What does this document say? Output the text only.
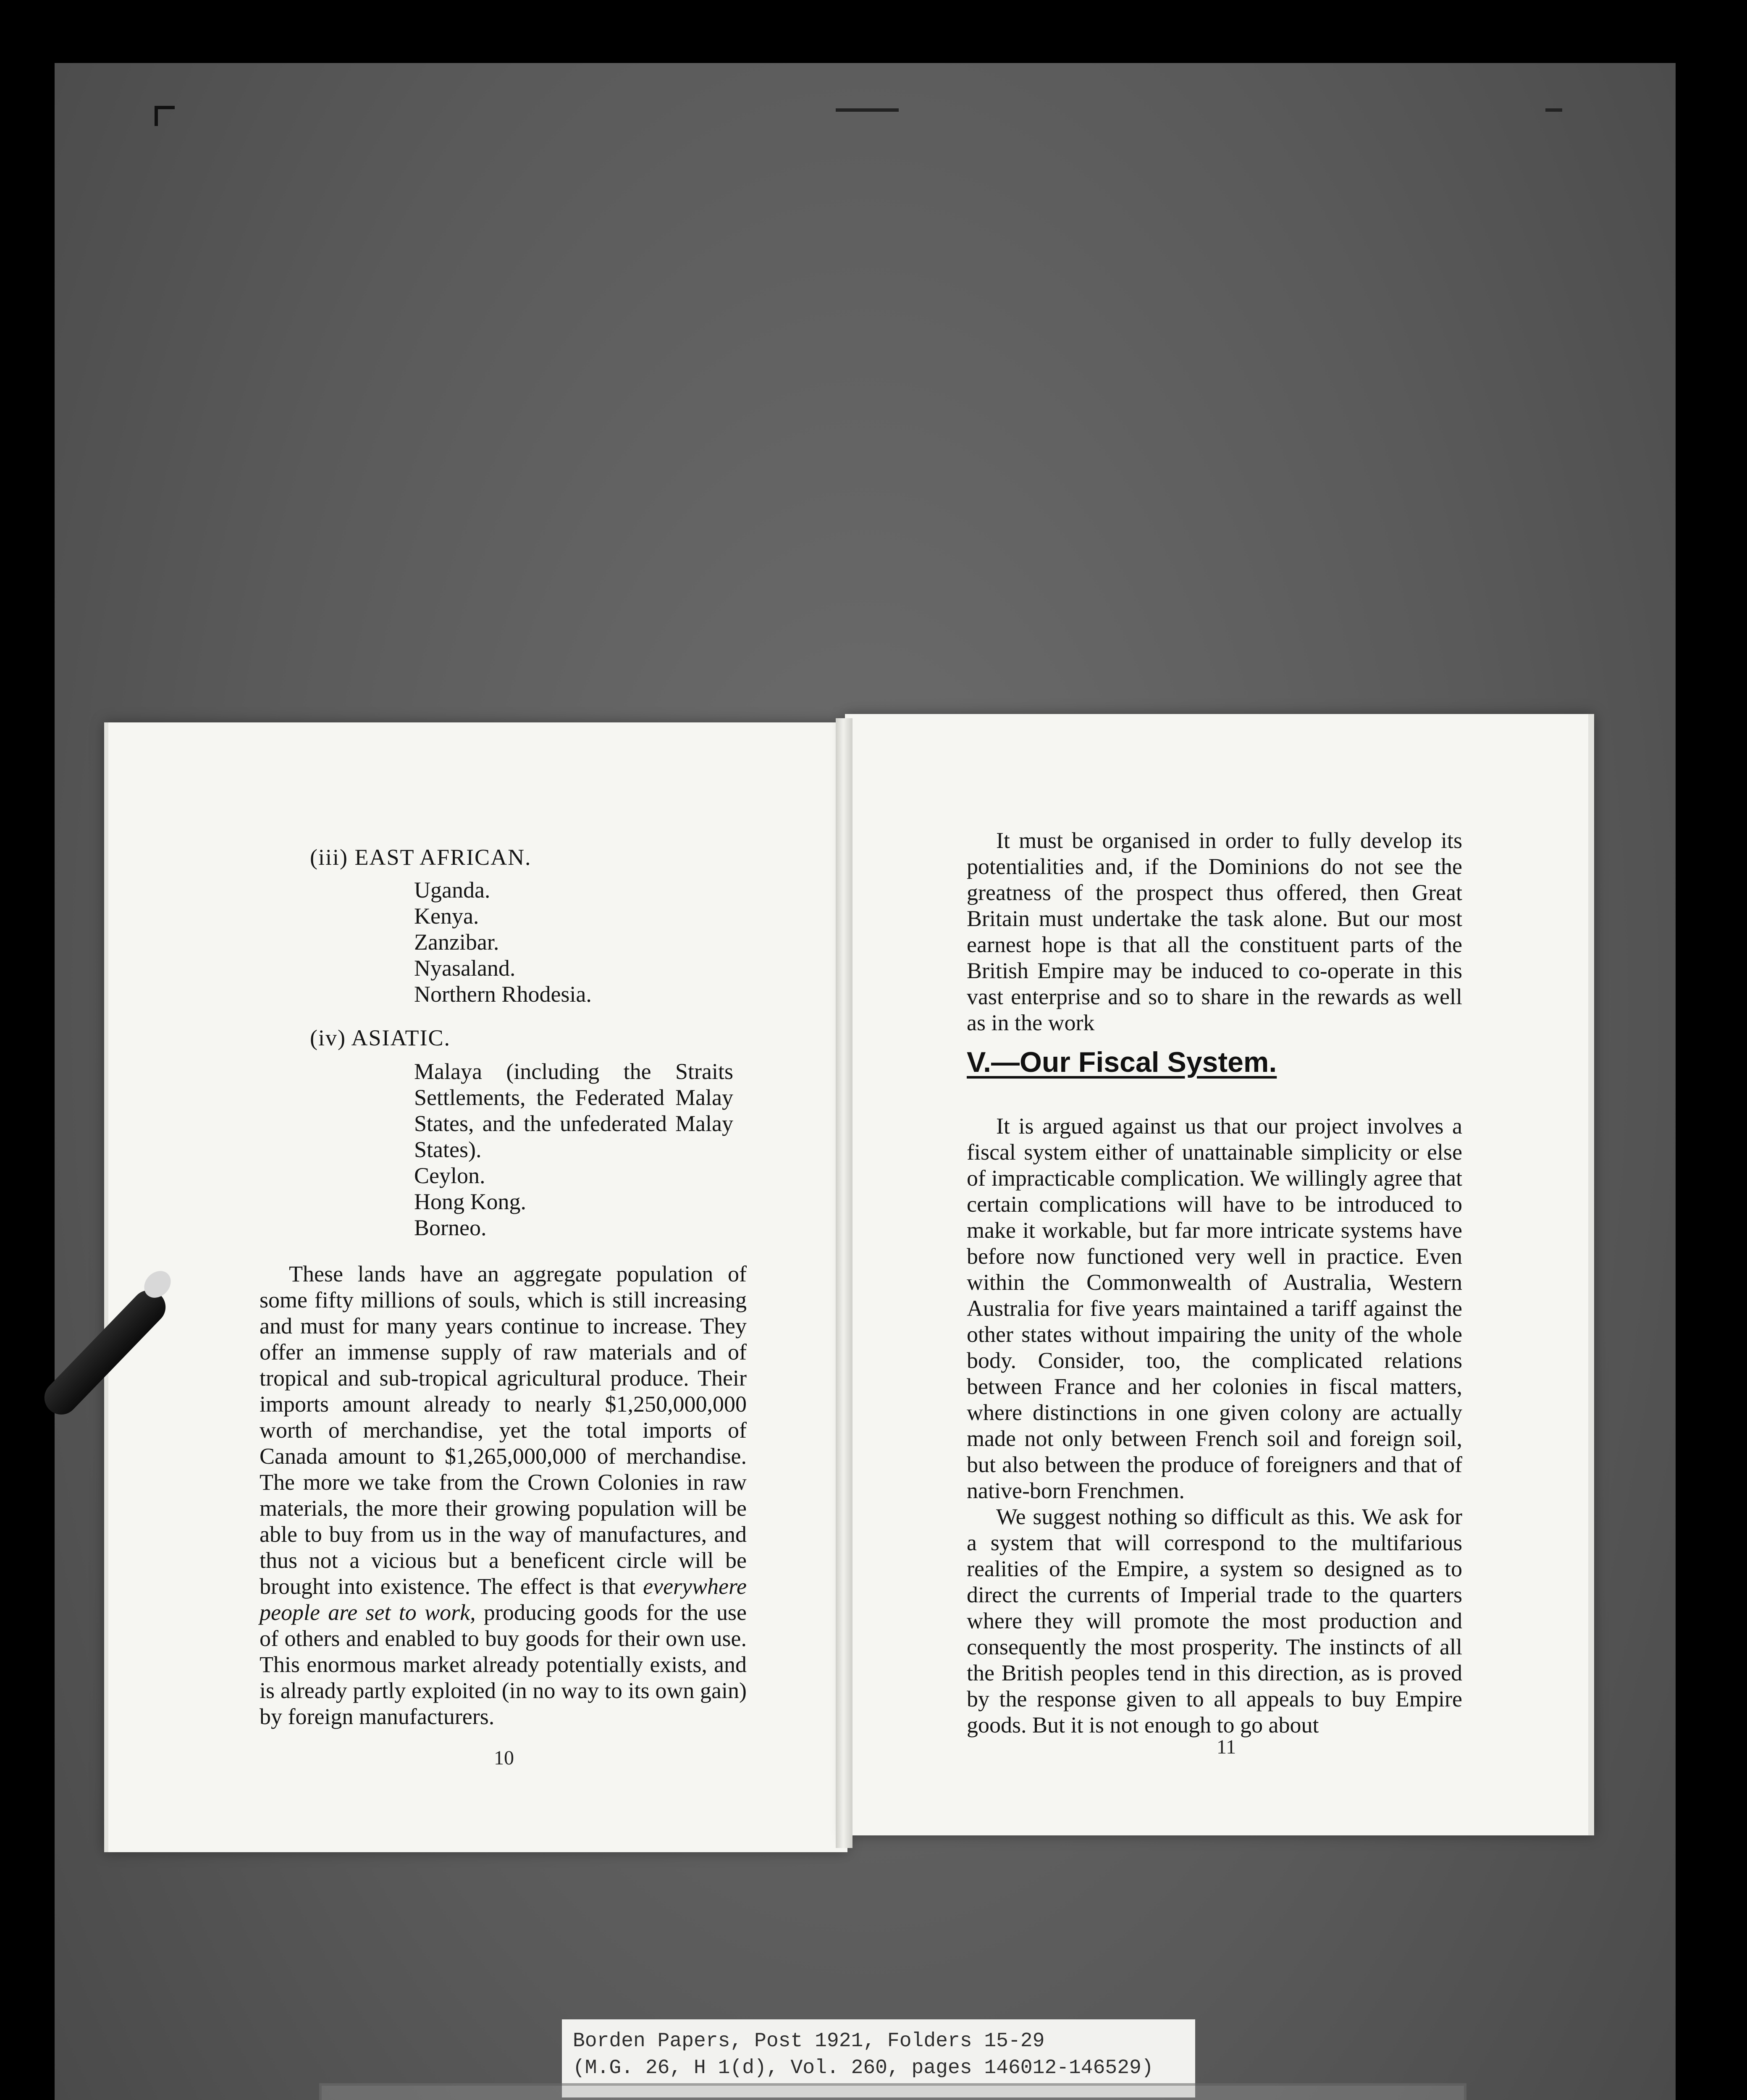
(iii) EAST AFRICAN.
Uganda.
Kenya.
Zanzibar.
Nyasaland.
Northern Rhodesia.
(iv) ASIATIC.
Malaya (including the Straits Settlements, the Federated Malay States, and the unfederated Malay States).
Ceylon.
Hong Kong.
Borneo.
These lands have an aggregate population of some fifty millions of souls, which is still increasing and must for many years continue to increase. They offer an immense supply of raw materials and of tropical and sub-tropical agricultural produce. Their imports amount already to nearly $1,250,000,000 worth of merchandise, yet the total imports of Canada amount to $1,265,000,000 of merchandise. The more we take from the Crown Colonies in raw materials, the more their growing population will be able to buy from us in the way of manufactures, and thus not a vicious but a beneficent circle will be brought into existence. The effect is that everywhere people are set to work, producing goods for the use of others and enabled to buy goods for their own use. This enormous market already potentially exists, and is already partly exploited (in no way to its own gain) by foreign manufacturers.
10
It must be organised in order to fully develop its potentialities and, if the Dominions do not see the greatness of the prospect thus offered, then Great Britain must undertake the task alone. But our most earnest hope is that all the constituent parts of the British Empire may be induced to co-operate in this vast enterprise and so to share in the rewards as well as in the work
V.—Our Fiscal System.
It is argued against us that our project involves a fiscal system either of unattainable simplicity or else of impracticable complication. We willingly agree that certain complications will have to be introduced to make it workable, but far more intricate systems have before now functioned very well in practice. Even within the Commonwealth of Australia, Western Australia for five years maintained a tariff against the other states without impairing the unity of the whole body. Consider, too, the complicated relations between France and her colonies in fiscal matters, where distinctions in one given colony are actually made not only between French soil and foreign soil, but also between the produce of foreigners and that of native-born Frenchmen.
We suggest nothing so difficult as this. We ask for a system that will correspond to the multifarious realities of the Empire, a system so designed as to direct the currents of Imperial trade to the quarters where they will promote the most production and consequently the most prosperity. The instincts of all the British peoples tend in this direction, as is proved by the response given to all appeals to buy Empire goods. But it is not enough to go about
11
Borden Papers, Post 1921, Folders 15-29
(M.G. 26, H 1(d), Vol. 260, pages 146012-146529)
